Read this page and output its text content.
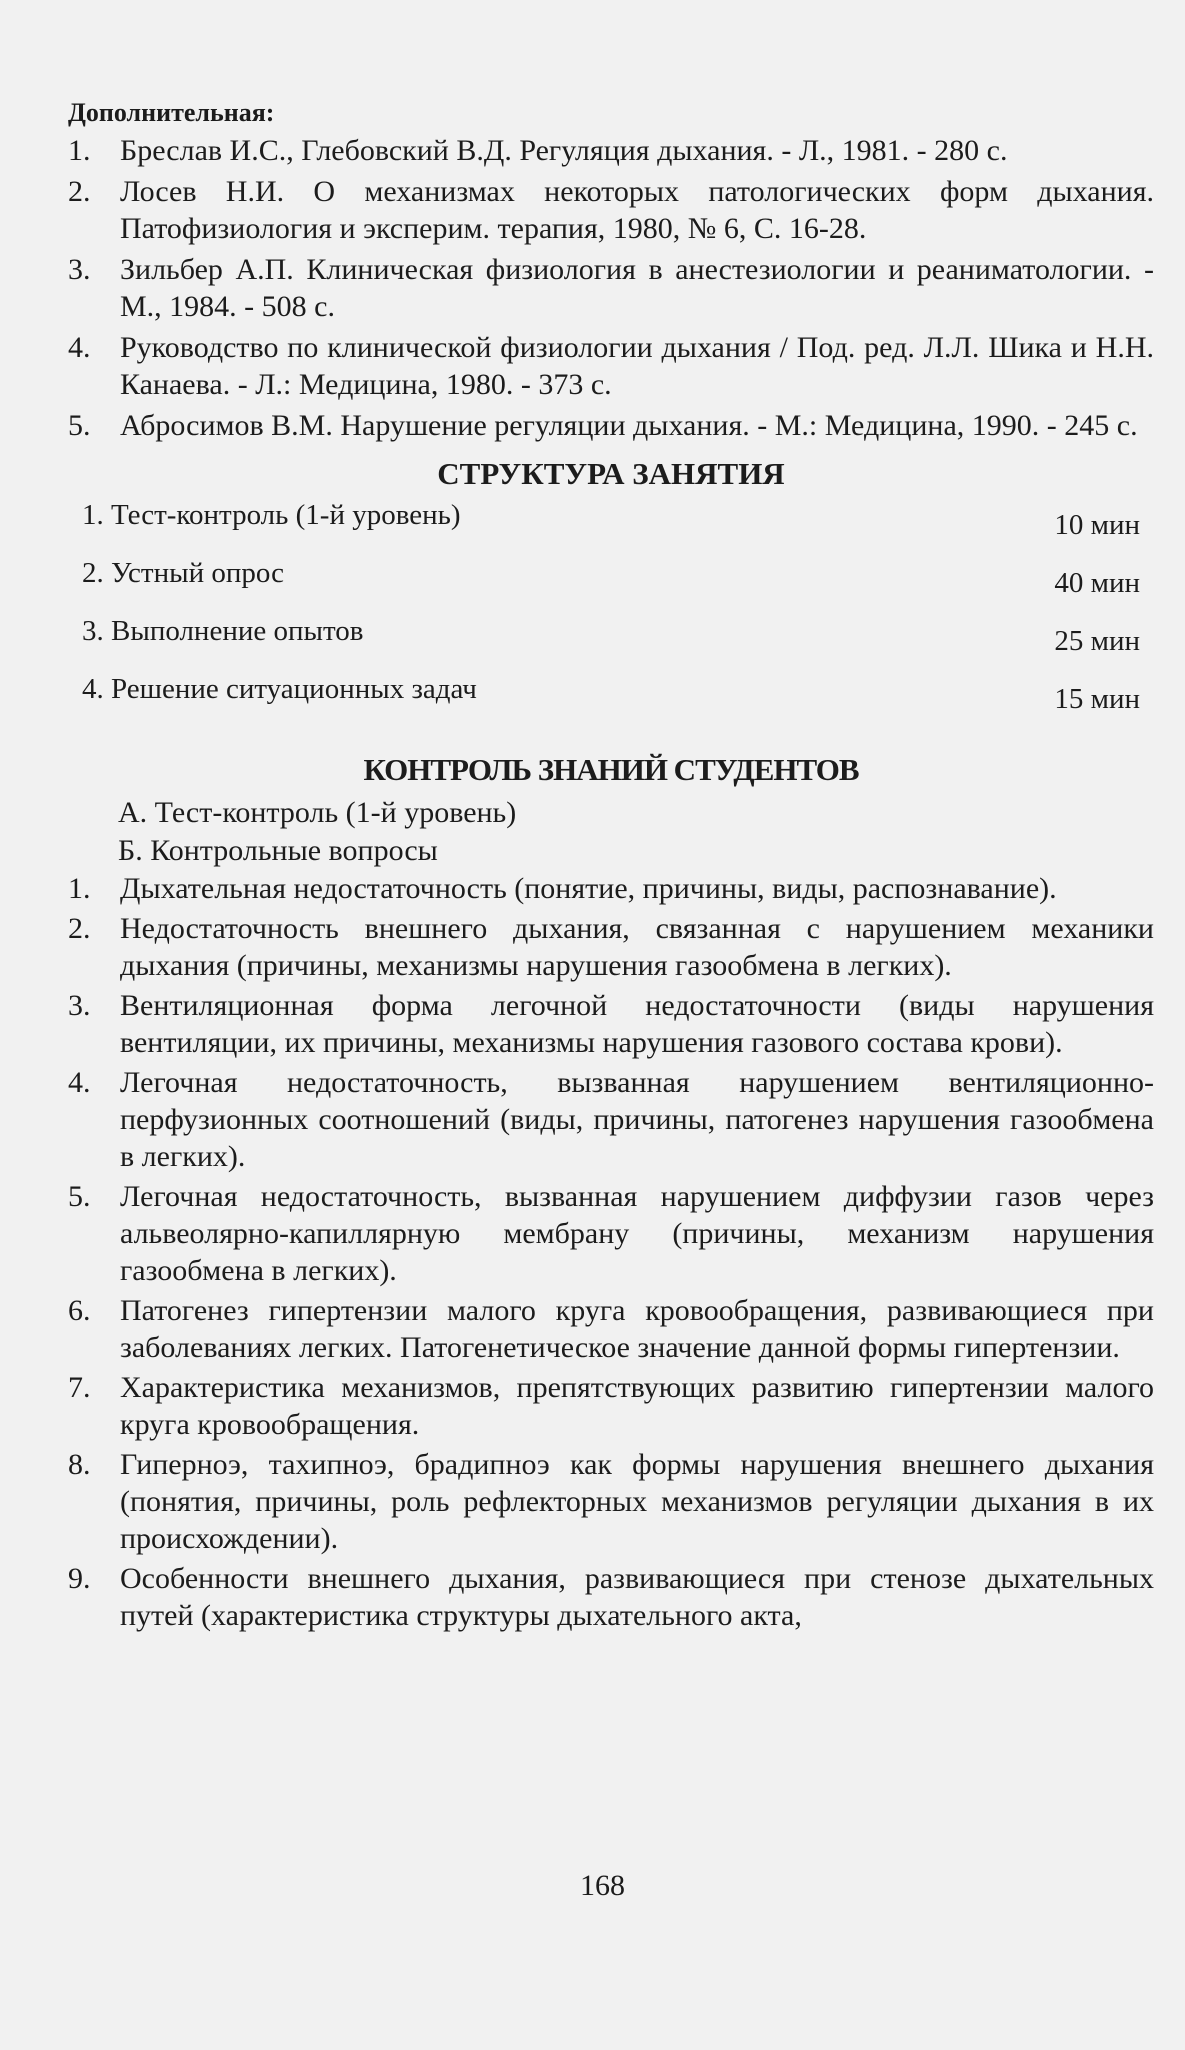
Дополнительная:
1. Бреслав И.С., Глебовский В.Д. Регуляция дыхания. - Л., 1981. - 280 с.
2. Лосев Н.И. О механизмах некоторых патологических форм дыхания. Патофизиология и эксперим. терапия, 1980, № 6, С. 16-28.
3. Зильбер А.П. Клиническая физиология в анестезиологии и реаниматологии. - М., 1984. - 508 с.
4. Руководство по клинической физиологии дыхания / Под. ред. Л.Л. Шика и Н.Н. Канаева. - Л.: Медицина, 1980. - 373 с.
5. Абросимов В.М. Нарушение регуляции дыхания. - М.: Медицина, 1990. - 245 с.
СТРУКТУРА ЗАНЯТИЯ
1. Тест-контроль (1-й уровень)	10 мин
2. Устный опрос	40 мин
3. Выполнение опытов	25 мин
4. Решение ситуационных задач	15 мин
КОНТРОЛЬ ЗНАНИЙ СТУДЕНТОВ
А. Тест-контроль (1-й уровень)
Б. Контрольные вопросы
1. Дыхательная недостаточность (понятие, причины, виды, распознавание).
2. Недостаточность внешнего дыхания, связанная с нарушением механики дыхания (причины, механизмы нарушения газообмена в легких).
3. Вентиляционная форма легочной недостаточности (виды нарушения вентиляции, их причины, механизмы нарушения газового состава крови).
4. Легочная недостаточность, вызванная нарушением вентиляционно-перфузионных соотношений (виды, причины, патогенез нарушения газообмена в легких).
5. Легочная недостаточность, вызванная нарушением диффузии газов через альвеолярно-капиллярную мембрану (причины, механизм нарушения газообмена в легких).
6. Патогенез гипертензии малого круга кровообращения, развивающиеся при заболеваниях легких. Патогенетическое значение данной формы гипертензии.
7. Характеристика механизмов, препятствующих развитию гипертензии малого круга кровообращения.
8. Гиперноэ, тахипноэ, брадипноэ как формы нарушения внешнего дыхания (понятия, причины, роль рефлекторных механизмов регуляции дыхания в их происхождении).
9. Особенности внешнего дыхания, развивающиеся при стенозе дыхательных путей (характеристика структуры дыхательного акта,
168
